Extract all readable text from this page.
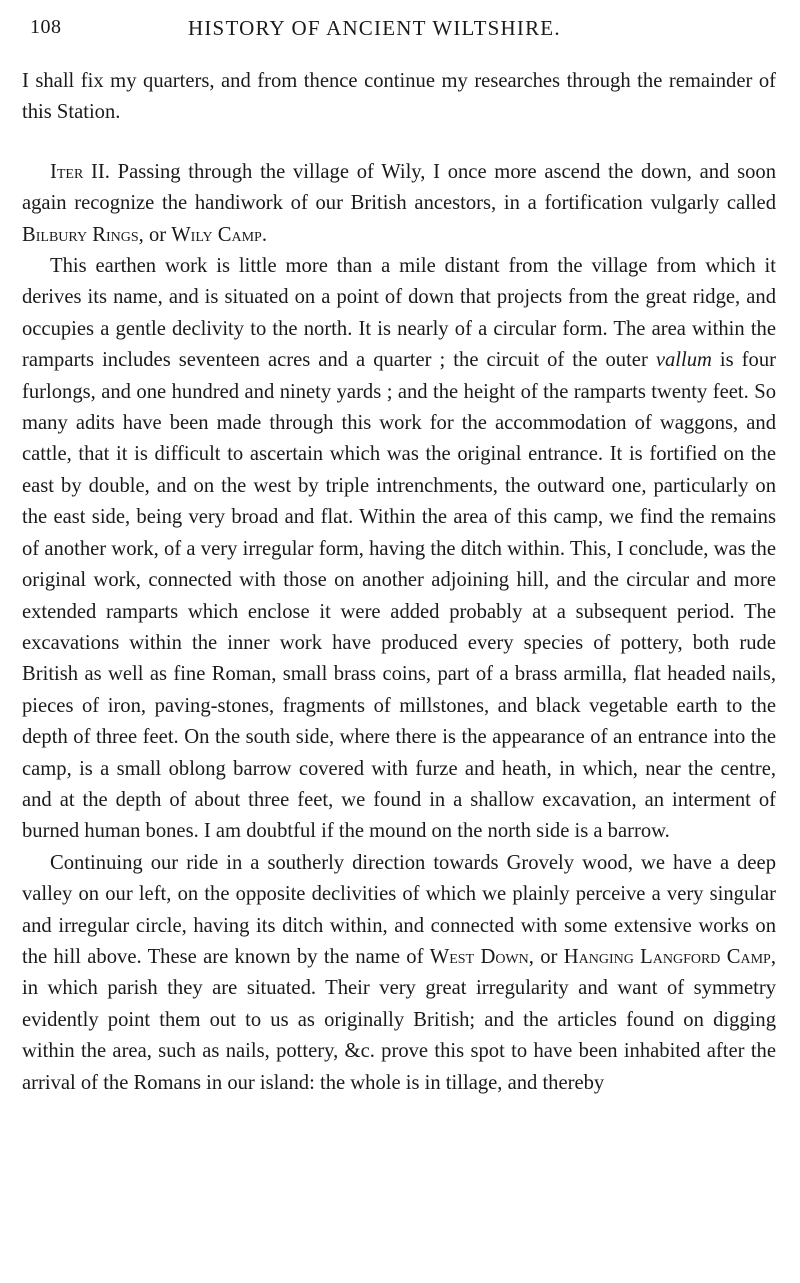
108	HISTORY OF ANCIENT WILTSHIRE.

I shall fix my quarters, and from thence continue my researches through the remainder of this Station.

Iter II. Passing through the village of Wily, I once more ascend the down, and soon again recognize the handiwork of our British ancestors, in a fortification vulgarly called Bilbury Rings, or Wily Camp.

This earthen work is little more than a mile distant from the village from which it derives its name, and is situated on a point of down that projects from the great ridge, and occupies a gentle declivity to the north. It is nearly of a circular form. The area within the ramparts includes seventeen acres and a quarter ; the circuit of the outer vallum is four furlongs, and one hundred and ninety yards ; and the height of the ramparts twenty feet. So many adits have been made through this work for the accommodation of waggons, and cattle, that it is difficult to ascertain which was the original entrance. It is fortified on the east by double, and on the west by triple intrenchments, the outward one, particularly on the east side, being very broad and flat. Within the area of this camp, we find the remains of another work, of a very irregular form, having the ditch within. This, I conclude, was the original work, connected with those on another adjoining hill, and the circular and more extended ramparts which enclose it were added probably at a subsequent period. The excavations within the inner work have produced every species of pottery, both rude British as well as fine Roman, small brass coins, part of a brass armilla, flat headed nails, pieces of iron, paving-stones, fragments of millstones, and black vegetable earth to the depth of three feet. On the south side, where there is the appearance of an entrance into the camp, is a small oblong barrow covered with furze and heath, in which, near the centre, and at the depth of about three feet, we found in a shallow excavation, an interment of burned human bones. I am doubtful if the mound on the north side is a barrow.

Continuing our ride in a southerly direction towards Grovely wood, we have a deep valley on our left, on the opposite declivities of which we plainly perceive a very singular and irregular circle, having its ditch within, and connected with some extensive works on the hill above. These are known by the name of West Down, or Hanging Langford Camp, in which parish they are situated. Their very great irregularity and want of symmetry evidently point them out to us as originally British; and the articles found on digging within the area, such as nails, pottery, &c. prove this spot to have been inhabited after the arrival of the Romans in our island: the whole is in tillage, and thereby
